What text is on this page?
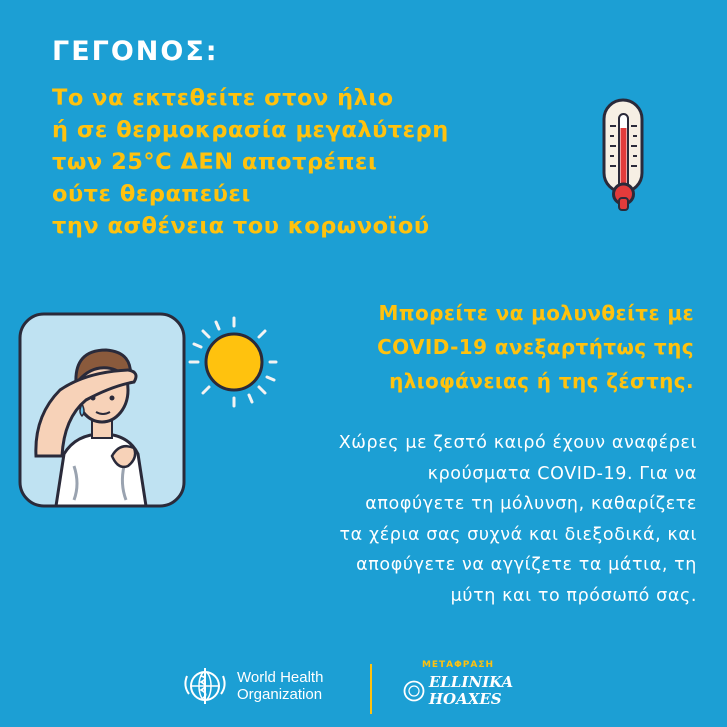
ΓΕΓΟΝΟΣ:
Το να εκτεθείτε στον ήλιο
ή σε θερμοκρασία μεγαλύτερη
των 25°C ΔΕΝ αποτρέπει
ούτε θεραπεύει
την ασθένεια του κορωνοϊού
Μπορείτε να μολυνθείτε με
COVID-19 ανεξαρτήτως της
ηλιοφάνειας ή της ζέστης.
Χώρες με ζεστό καιρό έχουν αναφέρει
κρούσματα COVID-19. Για να
αποφύγετε τη μόλυνση, καθαρίζετε
τα χέρια σας συχνά και διεξοδικά, και
αποφύγετε να αγγίζετε τα μάτια, τη
μύτη και το πρόσωπό σας.
World Health
Organization
ΜΕΤΑΦΡΑΣΗ
ELLINIKA
HOAXES
